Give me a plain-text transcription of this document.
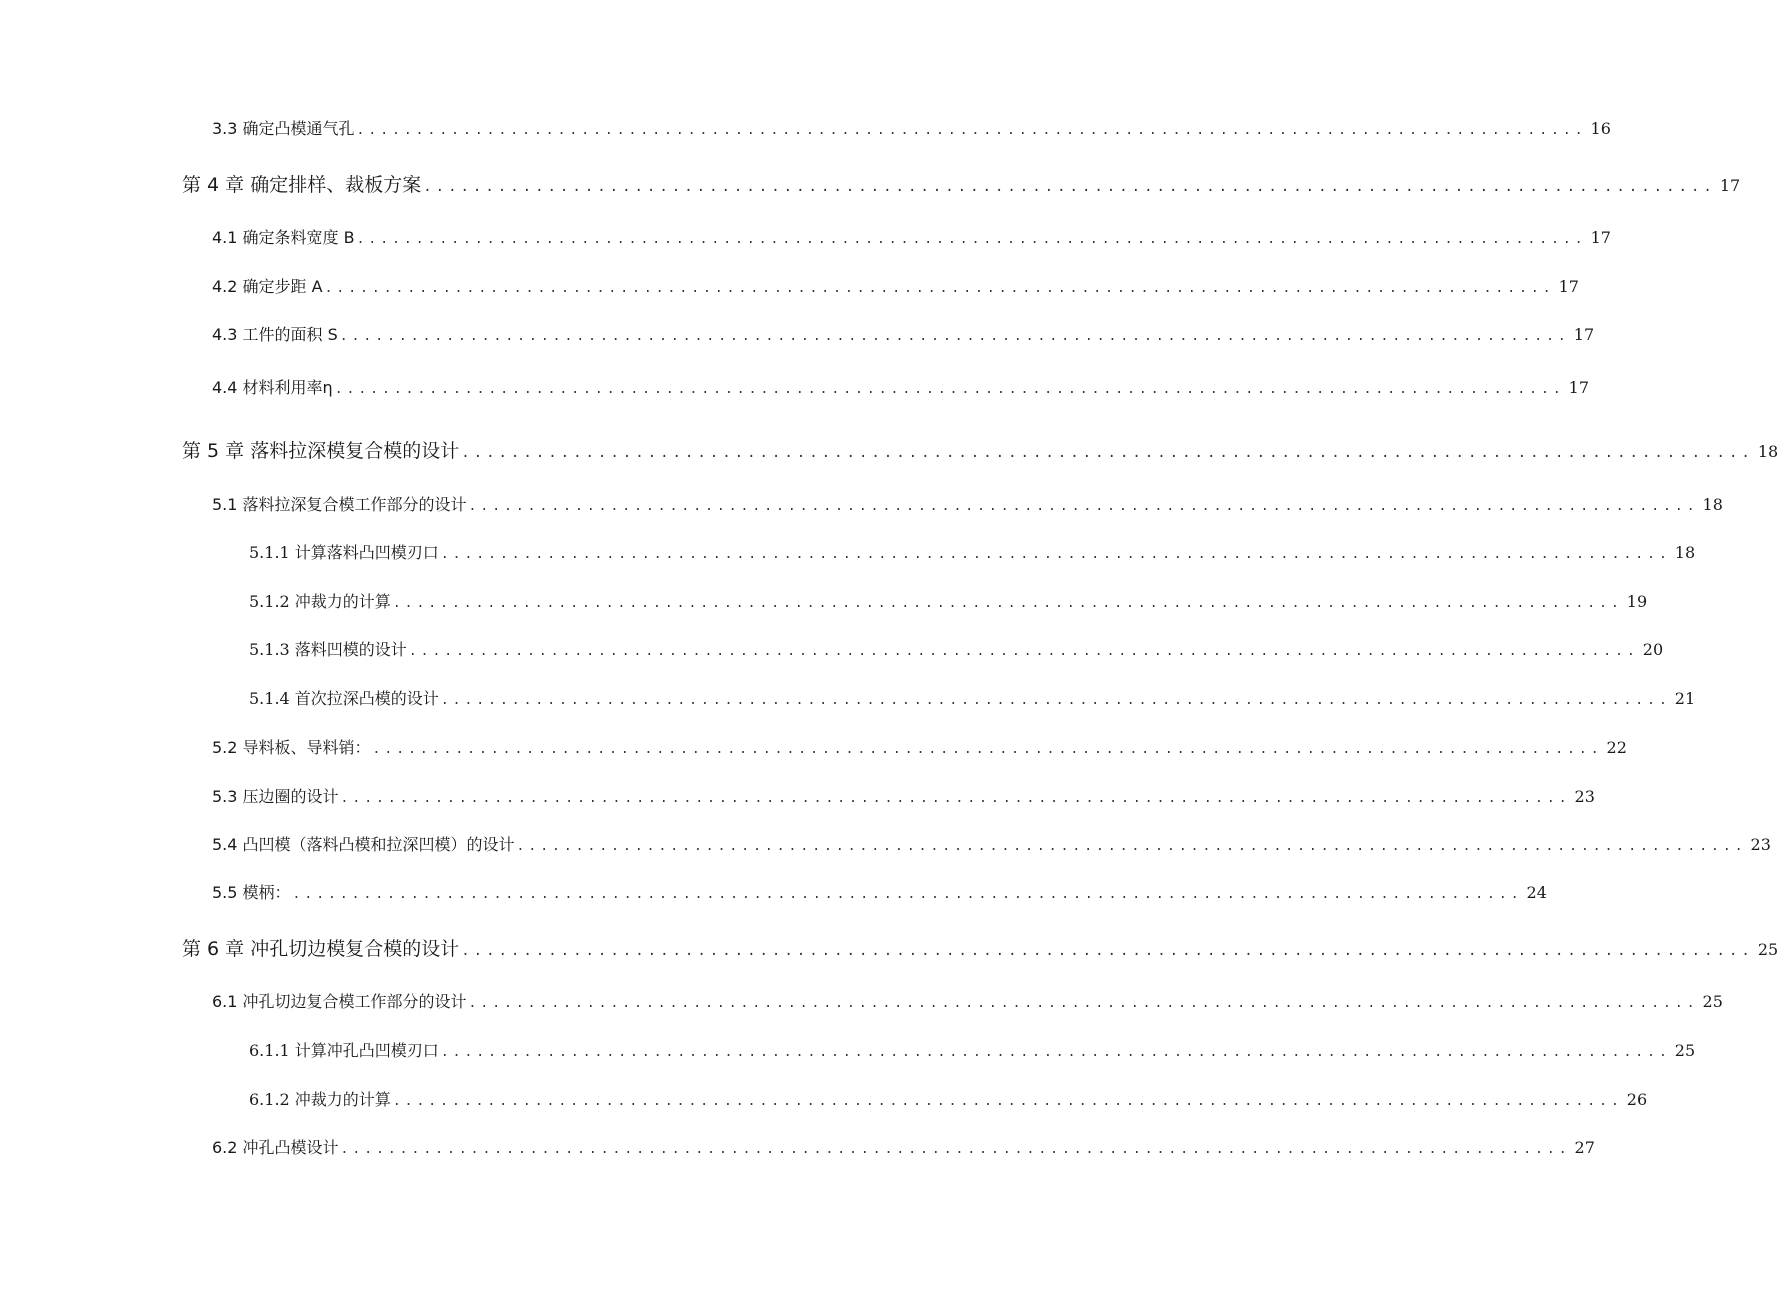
3.3 确定凸模通气孔 ........................................................................................................ 16
第 4 章 确定排样、裁板方案 ........................................................................................................ 17
4.1 确定条料宽度 B ........................................................................................................ 17
4.2 确定步距 A ........................................................................................................ 17
4.3 工件的面积 S ........................................................................................................ 17
4.4 材料利用率η ........................................................................................................ 17
第 5 章 落料拉深模复合模的设计 ........................................................................................................ 18
5.1 落料拉深复合模工作部分的设计 ........................................................................................................ 18
5.1.1 计算落料凸凹模刃口 ........................................................................................................ 18
5.1.2 冲裁力的计算 ........................................................................................................ 19
5.1.3 落料凹模的设计 ........................................................................................................ 20
5.1.4 首次拉深凸模的设计 ........................................................................................................ 21
5.2 导料板、导料销： ........................................................................................................ 22
5.3 压边圈的设计 ........................................................................................................ 23
5.4 凸凹模（落料凸模和拉深凹模）的设计 ........................................................................................................ 23
5.5 模柄： ........................................................................................................ 24
第 6 章 冲孔切边模复合模的设计 ........................................................................................................ 25
6.1 冲孔切边复合模工作部分的设计 ........................................................................................................ 25
6.1.1 计算冲孔凸凹模刃口 ........................................................................................................ 25
6.1.2 冲裁力的计算 ........................................................................................................ 26
6.2 冲孔凸模设计 ........................................................................................................ 27
